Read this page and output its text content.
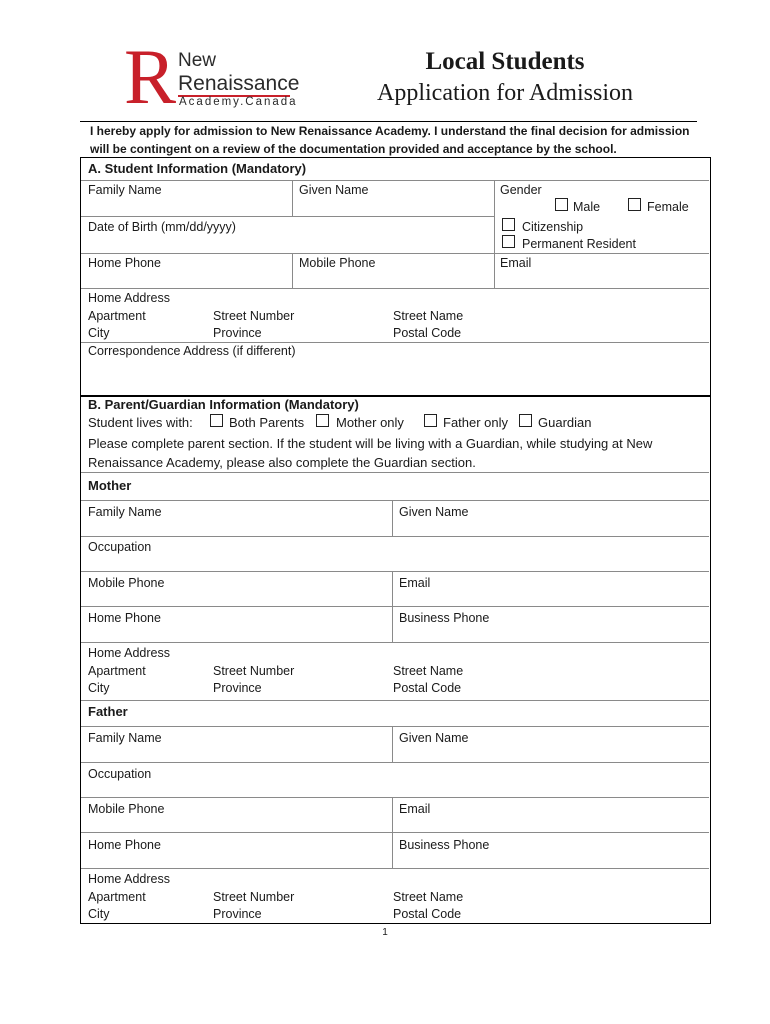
R New
Renaissance
Academy.Canada
Local Students
Application for Admission
I hereby apply for admission to New Renaissance Academy. I understand the final decision for admission will be contingent on a review of the documentation provided and acceptance by the school.
A. Student Information (Mandatory)
Family Name	Given Name	Gender
Male	Female
Date of Birth (mm/dd/yyyy)	Citizenship
Permanent Resident
Home Phone	Mobile Phone	Email
Home Address
Apartment	Street Number	Street Name
City	Province	Postal Code
Correspondence Address (if different)
B. Parent/Guardian Information (Mandatory)
Student lives with:	Both Parents Mother only	Father only Guardian
Please complete parent section. If the student will be living with a Guardian, while studying at New Renaissance Academy, please also complete the Guardian section.
Mother
Family Name	Given Name
Occupation
Mobile Phone	Email
Home Phone	Business Phone
Home Address
Apartment	Street Number	Street Name
City	Province	Postal Code
Father
Family Name	Given Name
Occupation
Mobile Phone	Email
Home Phone	Business Phone
Home Address
Apartment	Street Number	Street Name
City	Province	Postal Code
1
